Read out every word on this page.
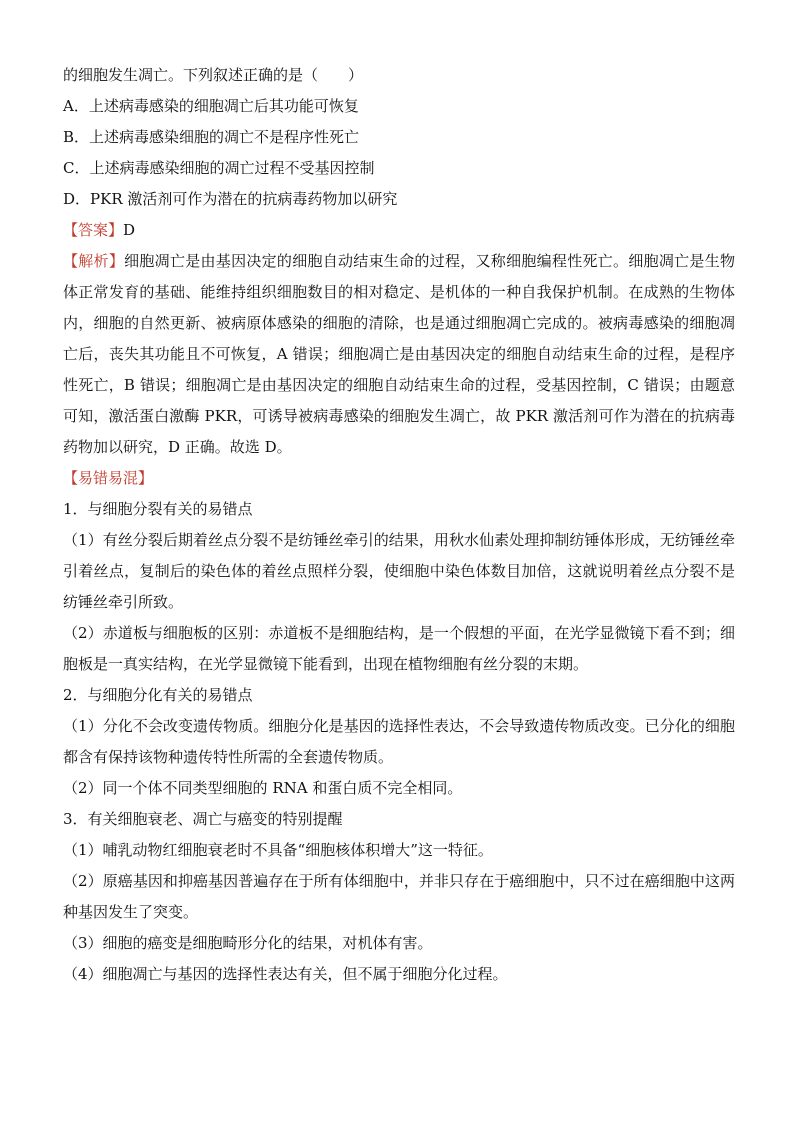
的细胞发生凋亡。下列叙述正确的是（　　）
A．上述病毒感染的细胞凋亡后其功能可恢复
B．上述病毒感染细胞的凋亡不是程序性死亡
C．上述病毒感染细胞的凋亡过程不受基因控制
D．PKR 激活剂可作为潜在的抗病毒药物加以研究
【答案】D
【解析】细胞凋亡是由基因决定的细胞自动结束生命的过程，又称细胞编程性死亡。细胞凋亡是生物体正常发育的基础、能维持组织细胞数目的相对稳定、是机体的一种自我保护机制。在成熟的生物体内，细胞的自然更新、被病原体感染的细胞的清除，也是通过细胞凋亡完成的。被病毒感染的细胞凋亡后，丧失其功能且不可恢复，A 错误；细胞凋亡是由基因决定的细胞自动结束生命的过程，是程序性死亡，B 错误；细胞凋亡是由基因决定的细胞自动结束生命的过程，受基因控制，C 错误；由题意可知，激活蛋白激酶 PKR，可诱导被病毒感染的细胞发生凋亡，故 PKR 激活剂可作为潜在的抗病毒药物加以研究，D 正确。故选 D。
【易错易混】
1．与细胞分裂有关的易错点
（1）有丝分裂后期着丝点分裂不是纺锤丝牵引的结果，用秋水仙素处理抑制纺锤体形成，无纺锤丝牵引着丝点，复制后的染色体的着丝点照样分裂，使细胞中染色体数目加倍，这就说明着丝点分裂不是纺锤丝牵引所致。
（2）赤道板与细胞板的区别：赤道板不是细胞结构，是一个假想的平面，在光学显微镜下看不到；细胞板是一真实结构，在光学显微镜下能看到，出现在植物细胞有丝分裂的末期。
2．与细胞分化有关的易错点
（1）分化不会改变遗传物质。细胞分化是基因的选择性表达，不会导致遗传物质改变。已分化的细胞都含有保持该物种遗传特性所需的全套遗传物质。
（2）同一个体不同类型细胞的 RNA 和蛋白质不完全相同。
3．有关细胞衰老、凋亡与癌变的特别提醒
（1）哺乳动物红细胞衰老时不具备“细胞核体积增大”这一特征。
（2）原癌基因和抑癌基因普遍存在于所有体细胞中，并非只存在于癌细胞中，只不过在癌细胞中这两种基因发生了突变。
（3）细胞的癌变是细胞畸形分化的结果，对机体有害。
（4）细胞凋亡与基因的选择性表达有关，但不属于细胞分化过程。
